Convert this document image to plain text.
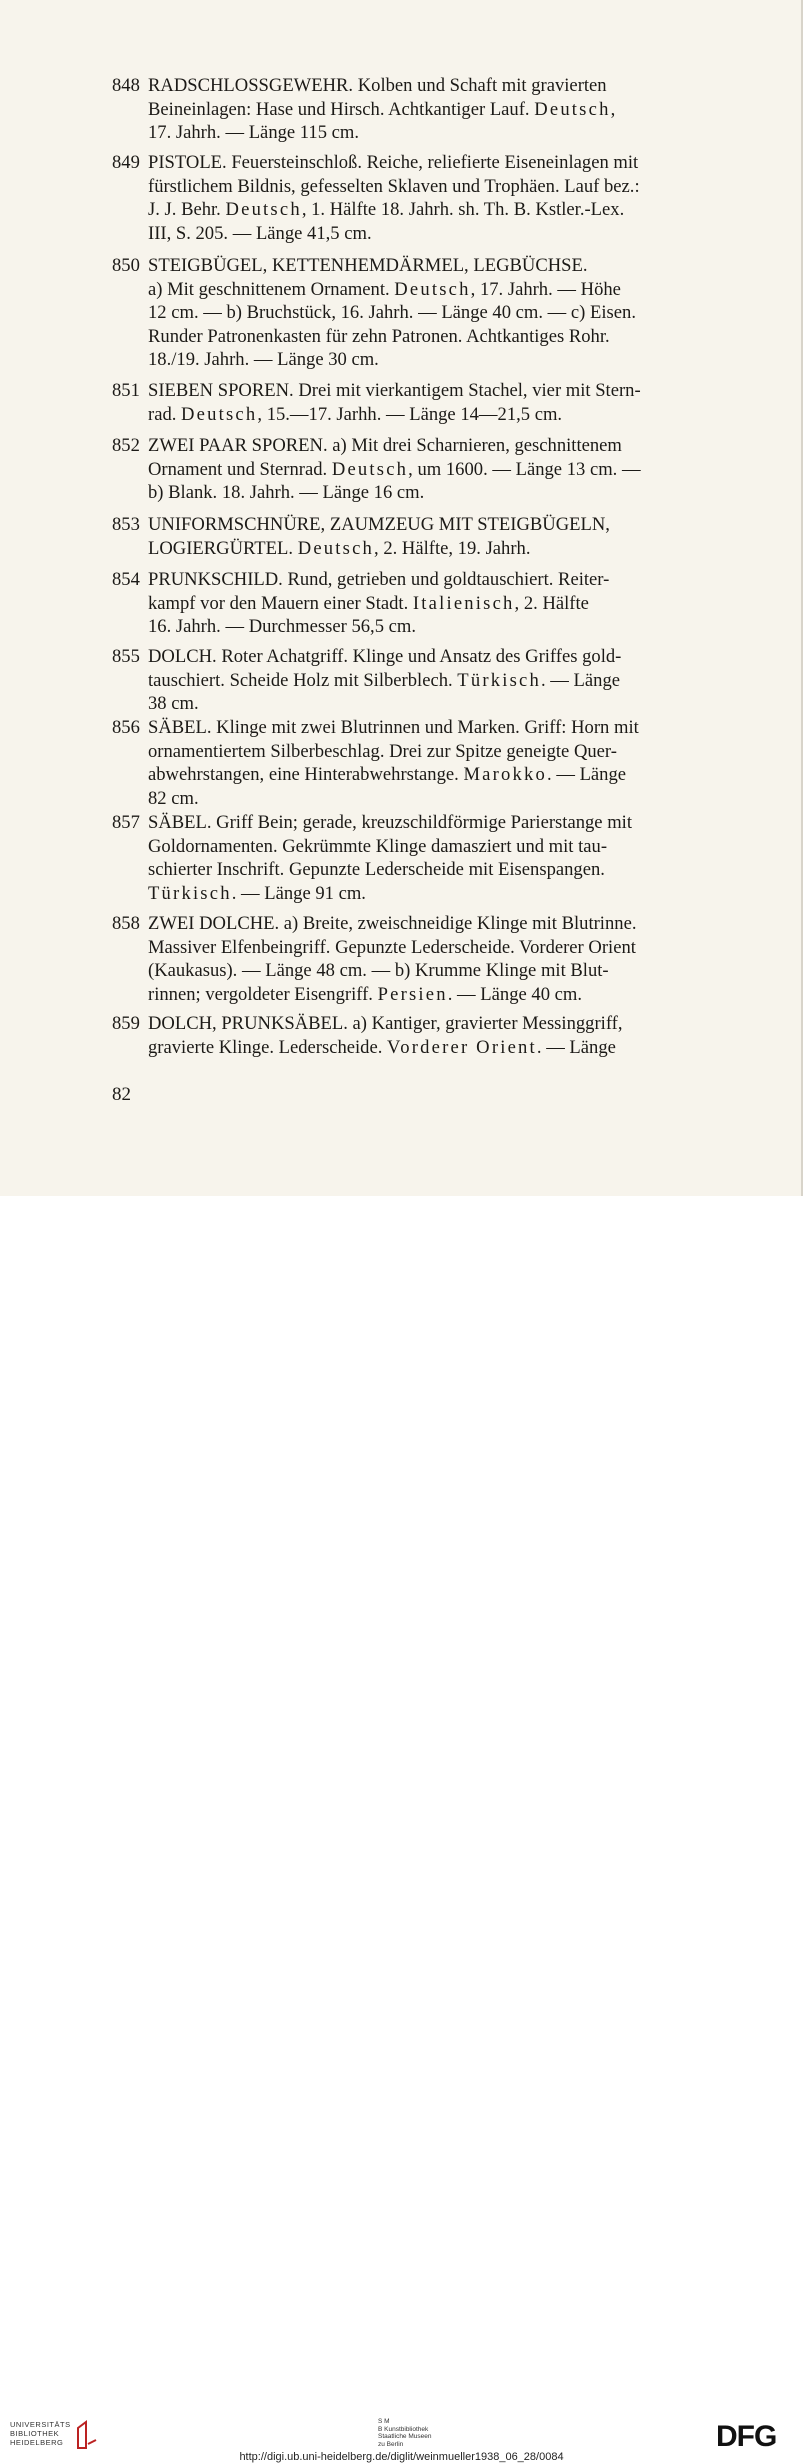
848 RADSCHLOSSGEWEHR. Kolben und Schaft mit gravierten
Beineinlagen: Hase und Hirsch. Achtkantiger Lauf. Deutsch,
17. Jahrh. — Länge 115 cm.
849 PISTOLE. Feuersteinschloß. Reiche, reliefierte Eiseneinlagen mit
fürstlichem Bildnis, gefesselten Sklaven und Trophäen. Lauf bez.:
J. J. Behr. Deutsch, 1. Hälfte 18. Jahrh. sh. Th. B. Kstler.-Lex.
III, S. 205. — Länge 41,5 cm.
850 STEIGBÜGEL, KETTENHEMDÄRMEL, LEGBÜCHSE.
a) Mit geschnittenem Ornament. Deutsch, 17. Jahrh. — Höhe
12 cm. — b) Bruchstück, 16. Jahrh. — Länge 40 cm. — c) Eisen.
Runder Patronenkasten für zehn Patronen. Achtkantiges Rohr.
18./19. Jahrh. — Länge 30 cm.
851 SIEBEN SPOREN. Drei mit vierkantigem Stachel, vier mit Stern-
rad. Deutsch, 15.—17. Jarhh. — Länge 14—21,5 cm.
852 ZWEI PAAR SPOREN. a) Mit drei Scharnieren, geschnittenem
Ornament und Sternrad. Deutsch, um 1600. — Länge 13 cm. —
b) Blank. 18. Jahrh. — Länge 16 cm.
853 UNIFORMSCHNÜRE, ZAUMZEUG MIT STEIGBÜGELN,
LOGIERGÜRTEL. Deutsch, 2. Hälfte, 19. Jahrh.
854 PRUNKSCHILD. Rund, getrieben und goldtauschiert. Reiter-
kampf vor den Mauern einer Stadt. Italienisch, 2. Hälfte
16. Jahrh. — Durchmesser 56,5 cm.
855 DOLCH. Roter Achatgriff. Klinge und Ansatz des Griffes gold-
tauschiert. Scheide Holz mit Silberblech. Türkisch. — Länge
38 cm.
856 SÄBEL. Klinge mit zwei Blutrinnen und Marken. Griff: Horn mit
ornamentiertem Silberbeschlag. Drei zur Spitze geneigte Quer-
abwehrstangen, eine Hinterabwehrstange. Marokko. — Länge
82 cm.
857 SÄBEL. Griff Bein; gerade, kreuzschildförmige Parierstange mit
Goldornamenten. Gekrümmte Klinge damasziert und mit tau-
schierter Inschrift. Gepunzte Lederscheide mit Eisenspangen.
Türkisch. — Länge 91 cm.
858 ZWEI DOLCHE. a) Breite, zweischneidige Klinge mit Blutrinne.
Massiver Elfenbeingriff. Gepunzte Lederscheide. Vorderer Orient
(Kaukasus). — Länge 48 cm. — b) Krumme Klinge mit Blut-
rinnen; vergoldeter Eisengriff. Persien. — Länge 40 cm.
859 DOLCH, PRUNKSÄBEL. a) Kantiger, gravierter Messinggriff,
gravierte Klinge. Lederscheide. Vorderer Orient. — Länge
82
UNIVERSITÄTS
BIBLIOTHEK
HEIDELBERG
S M
B Kunstbibliothek
Staatliche Museen
zu Berlin	DFG
http://digi.ub.uni-heidelberg.de/diglit/weinmueller1938_06_28/0084
